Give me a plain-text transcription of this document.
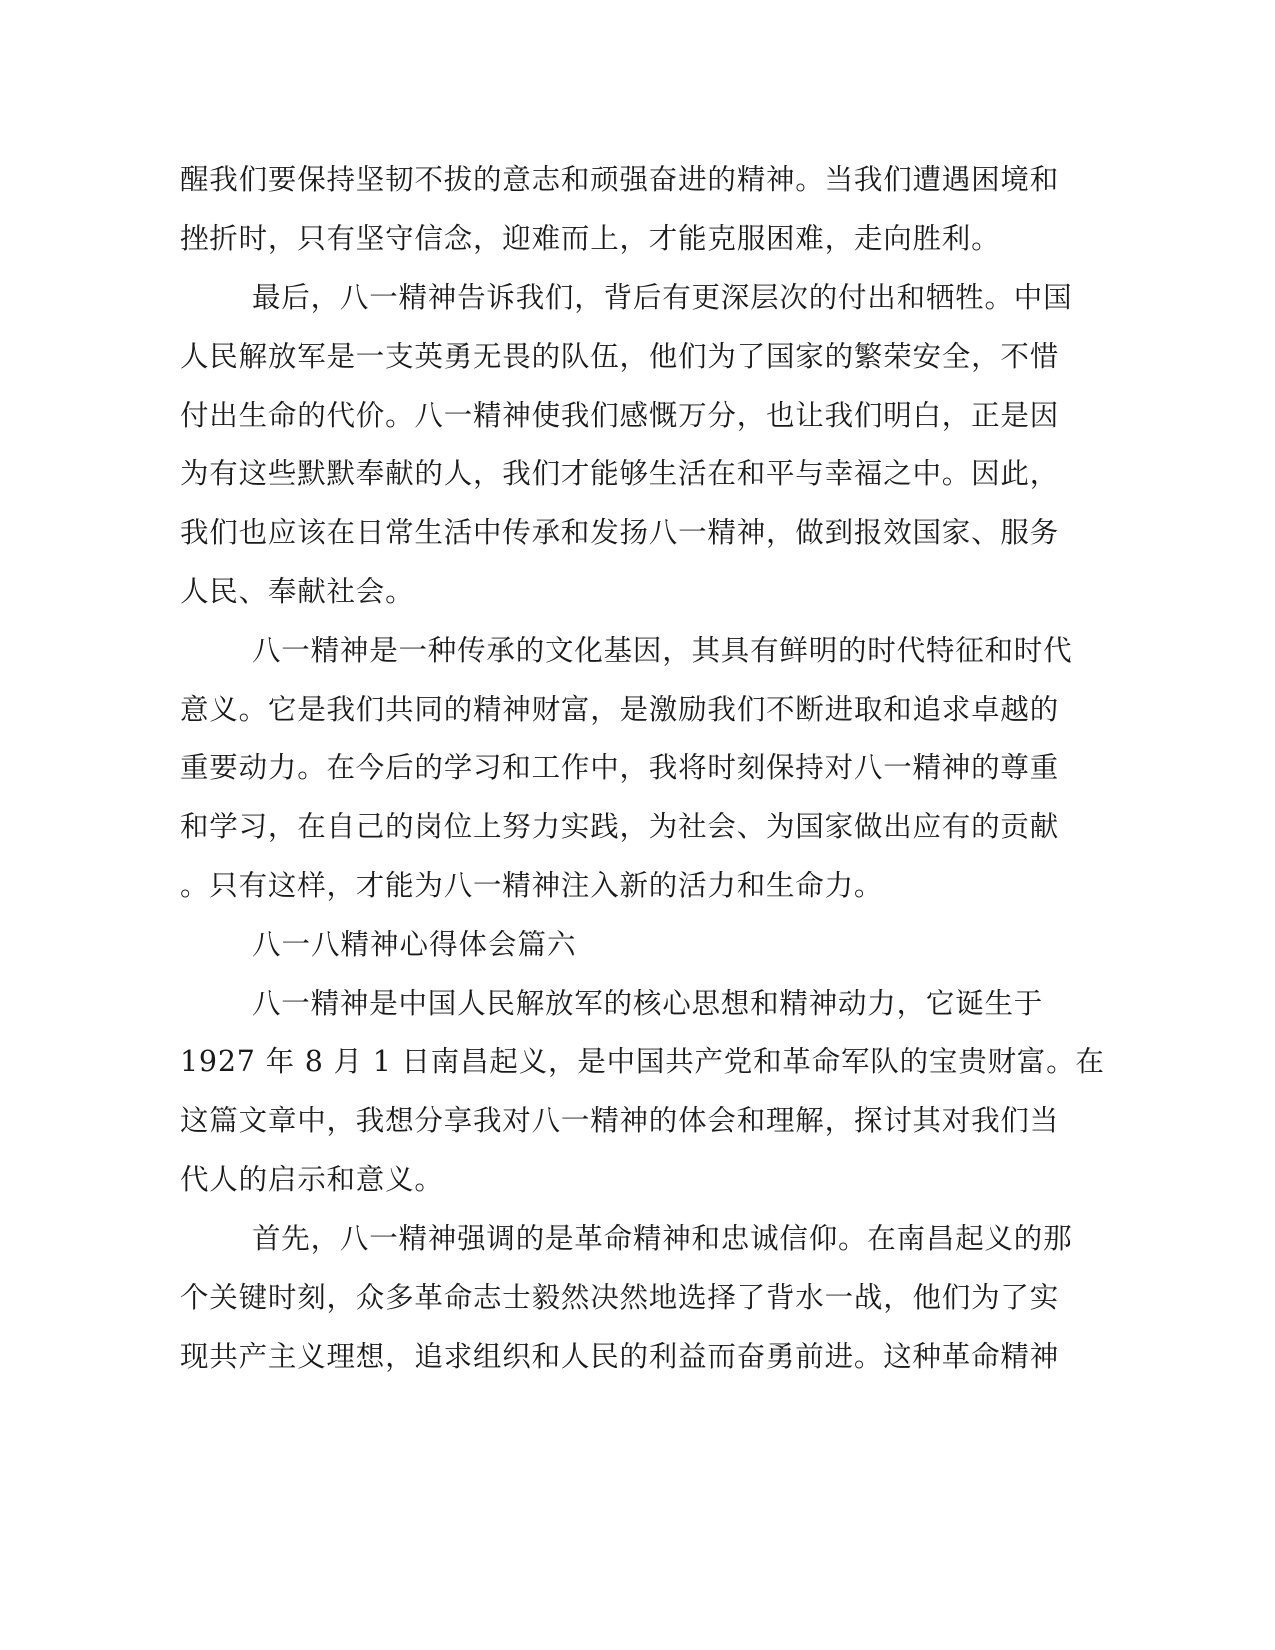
醒我们要保持坚韧不拔的意志和顽强奋进的精神。当我们遭遇困境和

挫折时，只有坚守信念，迎难而上，才能克服困难，走向胜利。

最后，八一精神告诉我们，背后有更深层次的付出和牺牲。中国

人民解放军是一支英勇无畏的队伍，他们为了国家的繁荣安全，不惜

付出生命的代价。八一精神使我们感慨万分，也让我们明白，正是因

为有这些默默奉献的人，我们才能够生活在和平与幸福之中。因此，

我们也应该在日常生活中传承和发扬八一精神，做到报效国家、服务

人民、奉献社会。

八一精神是一种传承的文化基因，其具有鲜明的时代特征和时代

意义。它是我们共同的精神财富，是激励我们不断进取和追求卓越的

重要动力。在今后的学习和工作中，我将时刻保持对八一精神的尊重

和学习，在自己的岗位上努力实践，为社会、为国家做出应有的贡献

。只有这样，才能为八一精神注入新的活力和生命力。

八一八精神心得体会篇六

八一精神是中国人民解放军的核心思想和精神动力，它诞生于

1927 年 8 月 1 日南昌起义，是中国共产党和革命军队的宝贵财富。在

这篇文章中，我想分享我对八一精神的体会和理解，探讨其对我们当

代人的启示和意义。

首先，八一精神强调的是革命精神和忠诚信仰。在南昌起义的那

个关键时刻，众多革命志士毅然决然地选择了背水一战，他们为了实

现共产主义理想，追求组织和人民的利益而奋勇前进。这种革命精神
